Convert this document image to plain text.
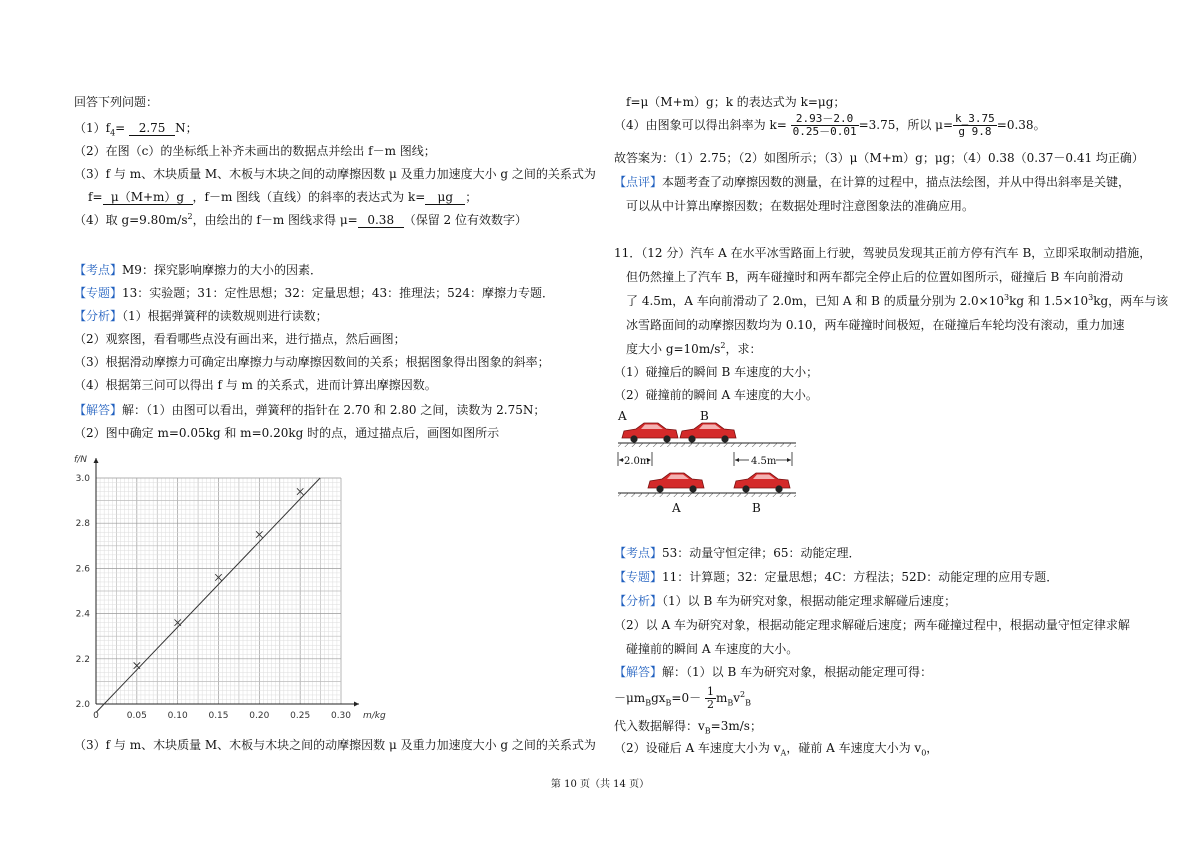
回答下列问题：
$(1)f_4= 2.75$ N；
（2）在图（c）的坐标纸上补齐未画出的数据点并绘出 f－m 图线；
（3）f 与 m、木块质量 M、木板与木块之间的动摩擦因数 μ 及重力加速度大小 g 之间的关系式为
f= μ（M+m）g ，f－m 图线（直线）的斜率的表达式为 k= μg ；
（4）取 $g=9.80m/s^2$，由绘出的 f－m 图线求得 μ= 0.38 （保留 2 位有效数字）
【考点】M9：探究影响摩擦力的大小的因素．
【专题】13：实验题；31：定性思想；32：定量思想；43：推理法；524：摩擦力专题．
【分析】（1）根据弹簧秤的读数规则进行读数；
（2）观察图，看看哪些点没有画出来，进行描点，然后画图；
（3）根据滑动摩擦力可确定出摩擦力与动摩擦因数间的关系；根据图象得出图象的斜率；
（4）根据第三问可以得出 f 与 m 的关系式，进而计算出摩擦因数。
【解答】解：（1）由图可以看出，弹簧秤的指针在 2.70 和 2.80 之间，读数为 2.75N；
（2）图中确定 m=0.05kg 和 m=0.20kg 时的点，通过描点后，画图如图所示
0	0.05 0.10 0.15 0.20 0.25 0.30
2.0
2.2
2.4
2.6
2.8
3.0
f/N
m/kg
（3）f 与 m、木块质量 M、木板与木块之间的动摩擦因数 μ 及重力加速度大小 g 之间的关系式为
f=μ（M+m）g；k 的表达式为 k=μg；
（4）由图象可以得出斜率为 $k= \frac{2.93-2.0}{0.25-0.01} =3.75$，所以 $\mu= \frac{k\_3.75}{g 9.8} =0.38$。
故答案为：（1）2.75；（2）如图所示；（3）μ（M+m）g；μg；（4）0.38（0.37－0.41 均正确）
【点评】本题考查了动摩擦因数的测量，在计算的过程中，描点法绘图，并从中得出斜率是关键，
可以从中计算出摩擦因数；在数据处理时注意图象法的准确应用。
11．（12 分）汽车 A 在水平冰雪路面上行驶，驾驶员发现其正前方停有汽车 B，立即采取制动措施，
但仍然撞上了汽车 B，两车碰撞时和两车都完全停止后的位置如图所示，碰撞后 B 车向前滑动
了 4.5m，A 车向前滑动了 2.0m，已知 A 和 B 的质量分别为 $2.0\times 10^3kg$ 和 $1.5\times 10^3kg$，两车与该
冰雪路面间的动摩擦因数均为 0.10，两车碰撞时间极短，在碰撞后车轮均没有滚动，重力加速
度大小 $g=10m/s^2$，求：
（1）碰撞后的瞬间 B 车速度的大小；
（2）碰撞前的瞬间 A 车速度的大小。
A	B
2.0m	4.5m
A	B
【考点】53：动量守恒定律；65：动能定理．
【专题】11：计算题；32：定量思想；4C：方程法；52D：动能定理的应用专题．
【分析】（1）以 B 车为研究对象，根据动能定理求解碰后速度；
（2）以 A 车为研究对象，根据动能定理求解碰后速度；两车碰撞过程中，根据动量守恒定律求解
碰撞前的瞬间 A 车速度的大小。
【解答】解：（1）以 B 车为研究对象，根据动能定理可得：
$-\mu m_Bgx_B=0- \frac{1}{2} m_Bv^2_B$
代入数据解得：$v_B=3m/s$；
（2）设碰后 A 车速度大小为 $v_A$，碰前 A 车速度大小为 $v_0$，
第 10 页（共 14 页）
